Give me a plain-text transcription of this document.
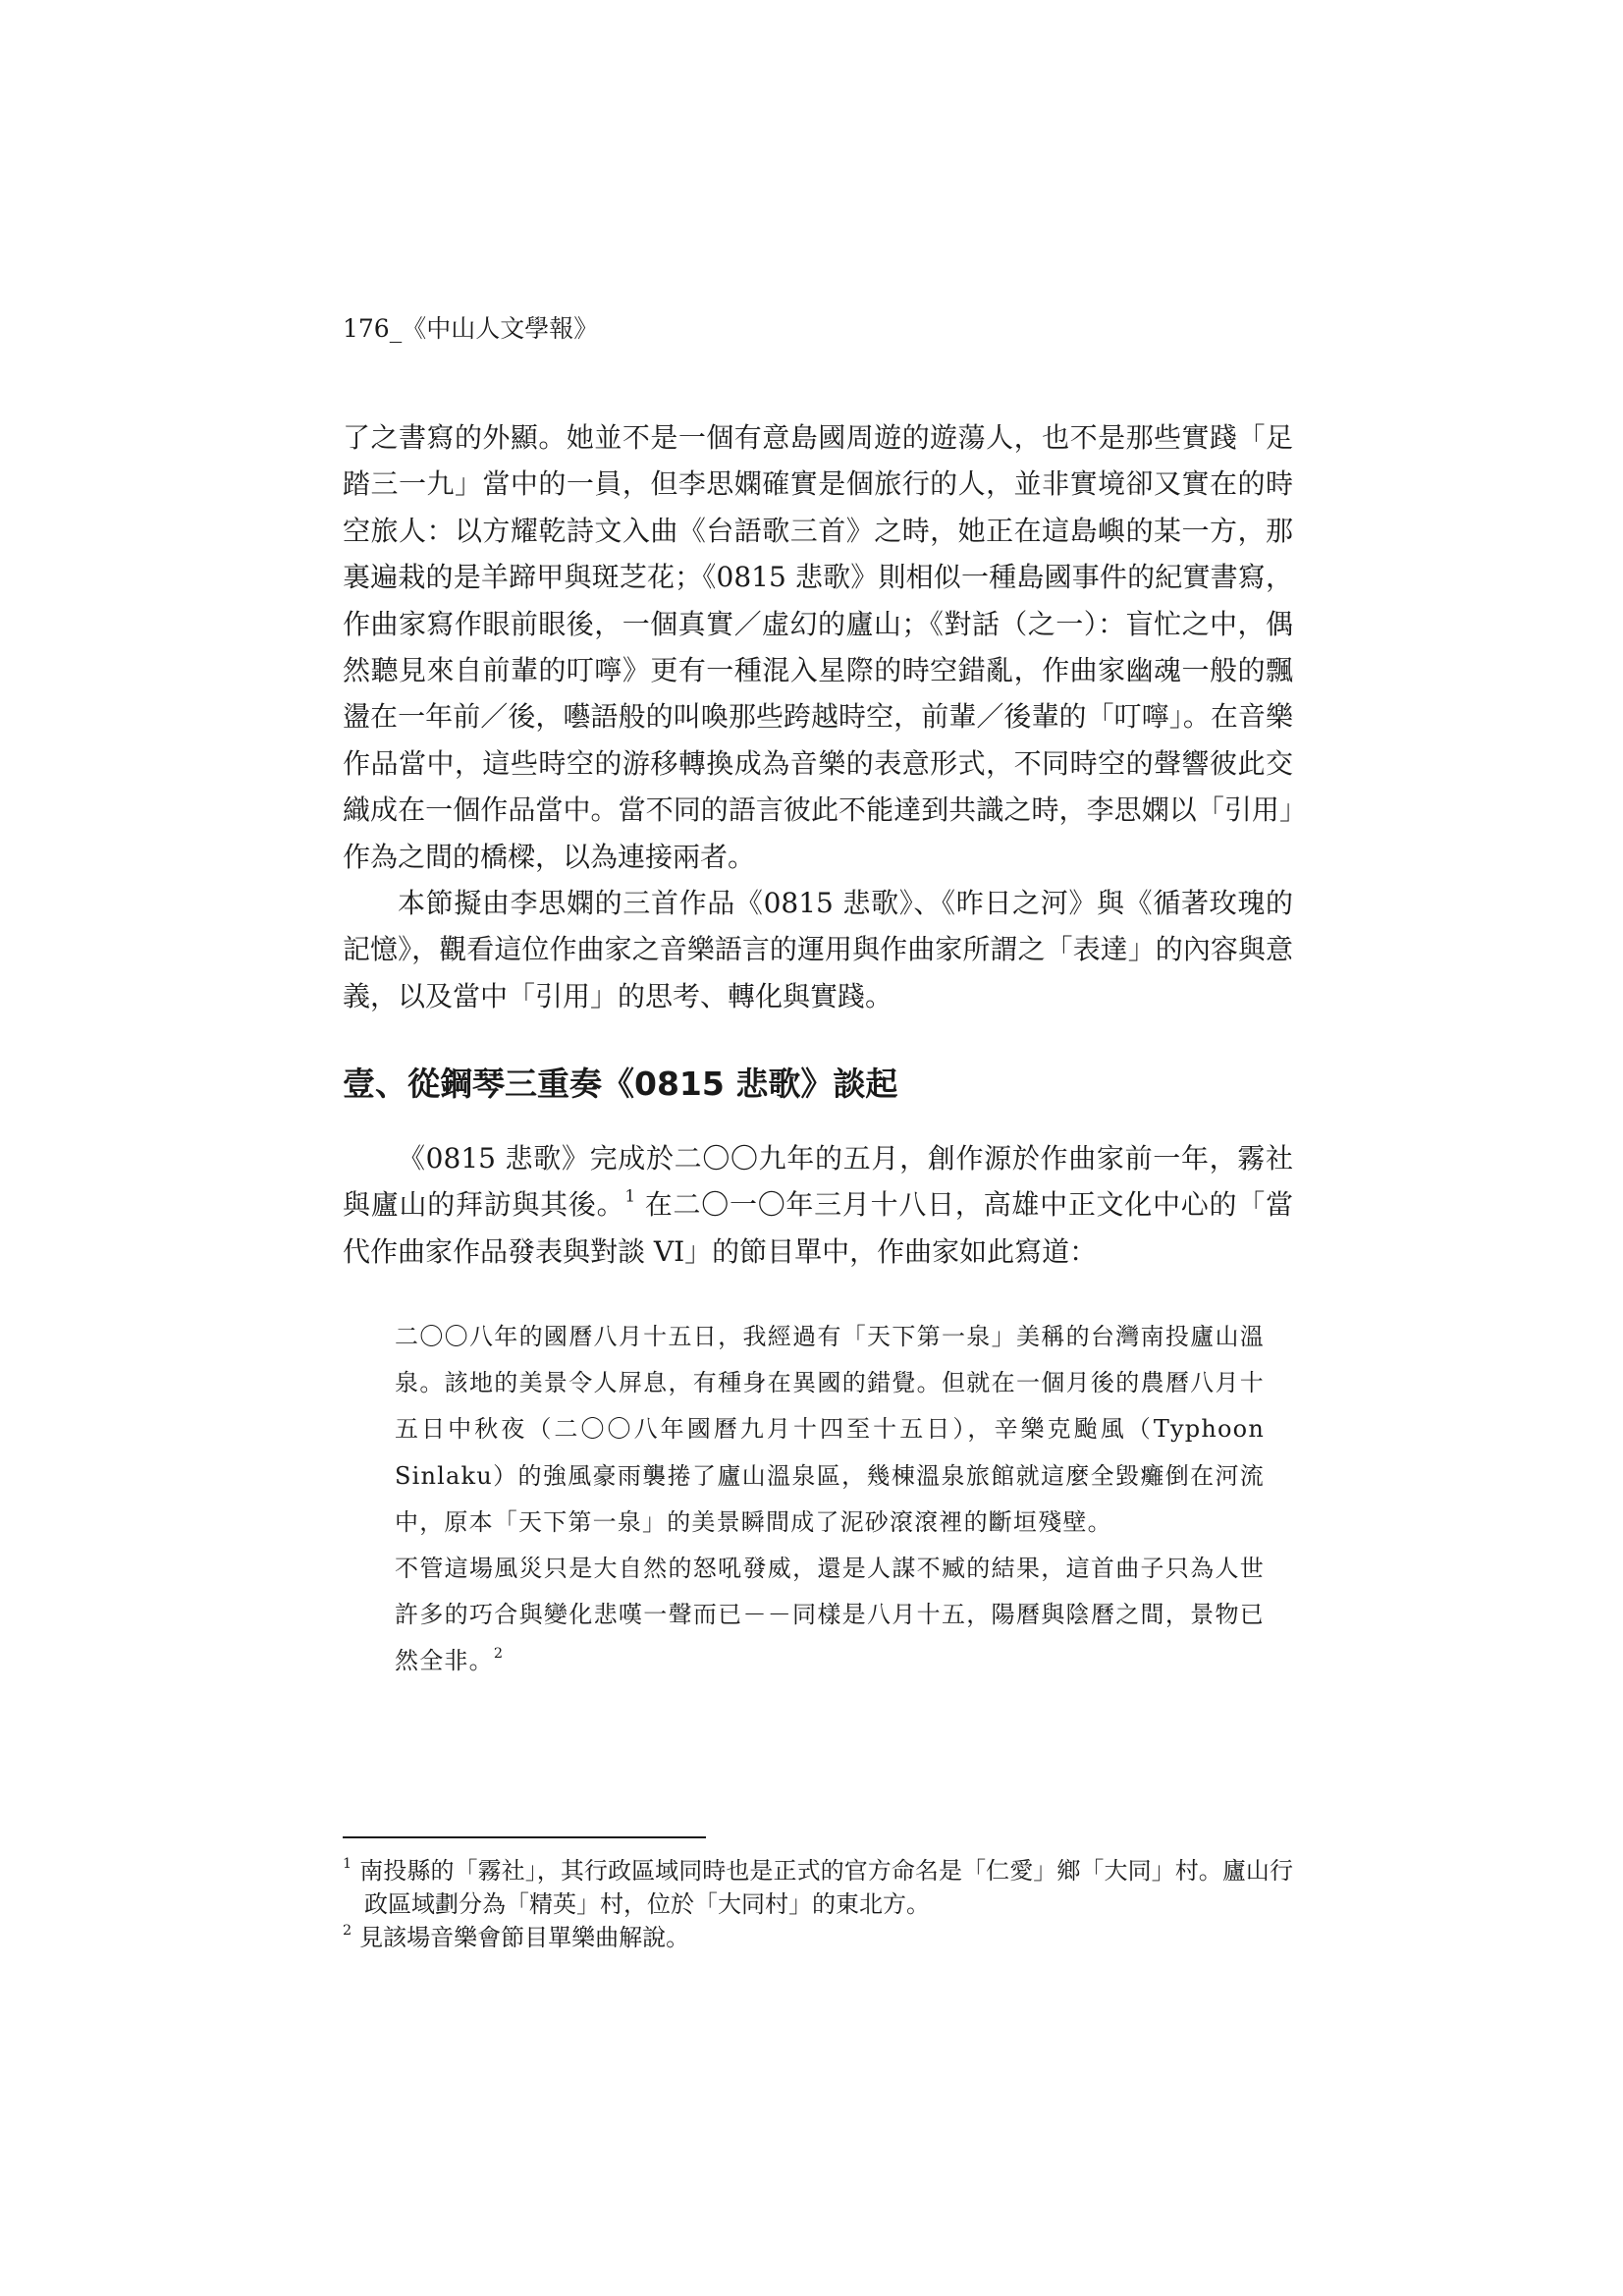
176_《中山人文學報》

了之書寫的外顯。她並不是一個有意島國周遊的遊蕩人，也不是那些實踐「足踏三一九」當中的一員，但李思嫻確實是個旅行的人，並非實境卻又實在的時空旅人：以方耀乾詩文入曲《台語歌三首》之時，她正在這島嶼的某一方，那裏遍栽的是羊蹄甲與斑芝花；《0815 悲歌》則相似一種島國事件的紀實書寫，作曲家寫作眼前眼後，一個真實／虛幻的廬山；《對話（之一）：盲忙之中，偶然聽見來自前輩的叮嚀》更有一種混入星際的時空錯亂，作曲家幽魂一般的飄盪在一年前／後，囈語般的叫喚那些跨越時空，前輩／後輩的「叮嚀」。在音樂作品當中，這些時空的游移轉換成為音樂的表意形式，不同時空的聲響彼此交織成在一個作品當中。當不同的語言彼此不能達到共識之時，李思嫻以「引用」作為之間的橋樑，以為連接兩者。

本節擬由李思嫻的三首作品《0815 悲歌》、《昨日之河》與《循著玫瑰的記憶》，觀看這位作曲家之音樂語言的運用與作曲家所謂之「表達」的內容與意義，以及當中「引用」的思考、轉化與實踐。

壹、從鋼琴三重奏《0815 悲歌》談起

《0815 悲歌》完成於二〇〇九年的五月，創作源於作曲家前一年，霧社與廬山的拜訪與其後。$^1$ 在二〇一〇年三月十八日，高雄中正文化中心的「當代作曲家作品發表與對談 VI」的節目單中，作曲家如此寫道：

二〇〇八年的國曆八月十五日，我經過有「天下第一泉」美稱的台灣南投廬山溫泉。該地的美景令人屏息，有種身在異國的錯覺。但就在一個月後的農曆八月十五日中秋夜（二〇〇八年國曆九月十四至十五日），辛樂克颱風（Typhoon Sinlaku）的強風豪雨襲捲了廬山溫泉區，幾棟溫泉旅館就這麼全毀癱倒在河流中，原本「天下第一泉」的美景瞬間成了泥砂滾滾裡的斷垣殘壁。

不管這場風災只是大自然的怒吼發威，還是人謀不臧的結果，這首曲子只為人世許多的巧合與變化悲嘆一聲而已－－同樣是八月十五，陽曆與陰曆之間，景物已然全非。$^2$

$^1$ 南投縣的「霧社」，其行政區域同時也是正式的官方命名是「仁愛」鄉「大同」村。廬山行政區域劃分為「精英」村，位於「大同村」的東北方。

$^2$ 見該場音樂會節目單樂曲解說。
